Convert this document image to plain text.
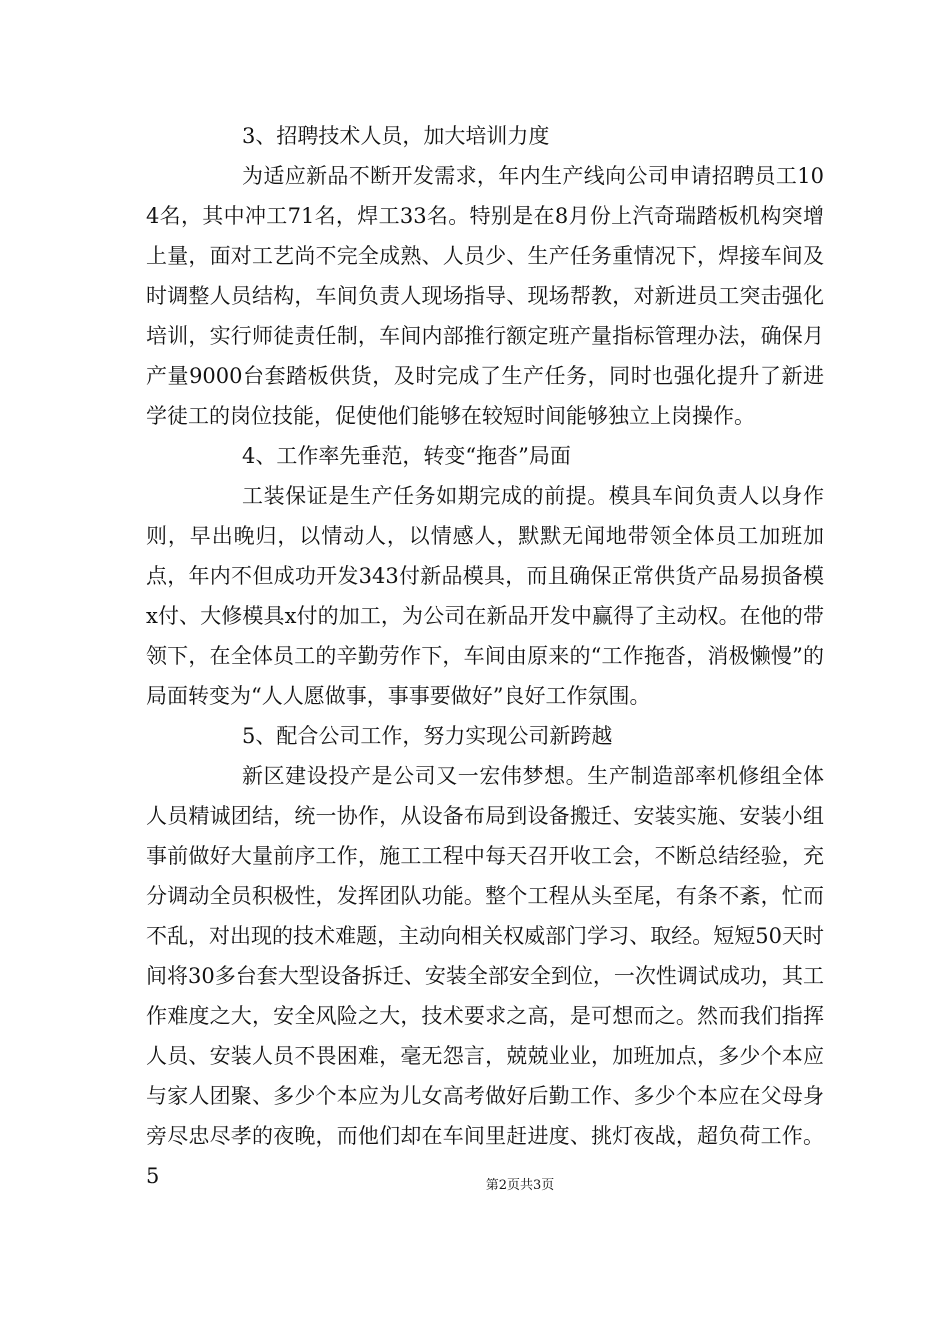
3、招聘技术人员，加大培训力度

为适应新品不断开发需求，年内生产线向公司申请招聘员工104名，其中冲工71名，焊工33名。特别是在8月份上汽奇瑞踏板机构突增上量，面对工艺尚不完全成熟、人员少、生产任务重情况下，焊接车间及时调整人员结构，车间负责人现场指导、现场帮教，对新进员工突击强化培训，实行师徒责任制，车间内部推行额定班产量指标管理办法，确保月产量9000台套踏板供货，及时完成了生产任务，同时也强化提升了新进学徒工的岗位技能，促使他们能够在较短时间能够独立上岗操作。

4、工作率先垂范，转变“拖沓”局面

工装保证是生产任务如期完成的前提。模具车间负责人以身作则，早出晚归，以情动人，以情感人，默默无闻地带领全体员工加班加点，年内不但成功开发343付新品模具，而且确保正常供货产品易损备模x付、大修模具x付的加工，为公司在新品开发中赢得了主动权。在他的带领下，在全体员工的辛勤劳作下，车间由原来的“工作拖沓，消极懒慢”的局面转变为“人人愿做事，事事要做好”良好工作氛围。

5、配合公司工作，努力实现公司新跨越

新区建设投产是公司又一宏伟梦想。生产制造部率机修组全体人员精诚团结，统一协作，从设备布局到设备搬迁、安装实施、安装小组事前做好大量前序工作，施工工程中每天召开收工会，不断总结经验，充分调动全员积极性，发挥团队功能。整个工程从头至尾，有条不紊，忙而不乱，对出现的技术难题，主动向相关权威部门学习、取经。短短50天时间将30多台套大型设备拆迁、安装全部安全到位，一次性调试成功，其工作难度之大，安全风险之大，技术要求之高，是可想而之。然而我们指挥人员、安装人员不畏困难，毫无怨言，兢兢业业，加班加点，多少个本应与家人团聚、多少个本应为儿女高考做好后勤工作、多少个本应在父母身旁尽忠尽孝的夜晚，而他们却在车间里赶进度、挑灯夜战，超负荷工作。5	第2页共3页
